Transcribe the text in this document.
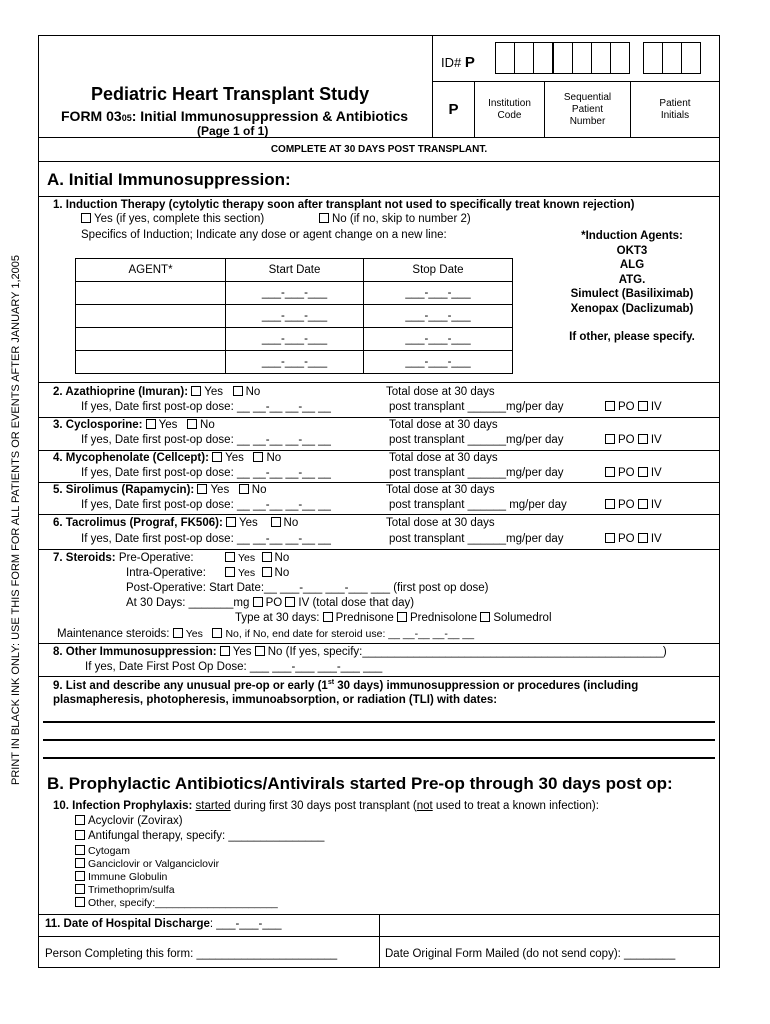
PRINT IN BLACK INK ONLY: USE THIS FORM FOR ALL PATIENTS OR EVENTS AFTER JANUARY 1,2005
Pediatric Heart Transplant Study
FORM 0305: Initial Immunosuppression & Antibiotics
(Page 1 of 1)
ID# P
P	Institution Code
Sequential Patient Number
Patient Initials
COMPLETE AT 30 DAYS POST TRANSPLANT.
A. Initial Immunosuppression:
1. Induction Therapy (cytolytic therapy soon after transplant not used to specifically treat known rejection)
Yes (if yes, complete this section)	No (if no, skip to number 2)
Specifics of Induction; Indicate any dose or agent change on a new line:
AGENT*	Start Date	Stop Date
	___-___-___	___-___-___
	___-___-___	___-___-___
	___-___-___	___-___-___
	___-___-___	___-___-___
*Induction Agents:
OKT3
ALG
ATG.
Simulect (Basiliximab)
Xenopax (Daclizumab)
If other, please specify.
2. Azathioprine (Imuran): Yes No
If yes, Date first post-op dose: __ __-__ __-__ __
Total dose at 30 days
post transplant ______mg/per day	PO IV
3. Cyclosporine: Yes No
If yes, Date first post-op dose: __ __-__ __-__ __
Total dose at 30 days
post transplant ______mg/per day	PO IV
4. Mycophenolate (Cellcept): Yes No
If yes, Date first post-op dose: __ __-__ __-__ __
Total dose at 30 days
post transplant ______mg/per day	PO IV
5. Sirolimus (Rapamycin): Yes No
If yes, Date first post-op dose: __ __-__ __-__ __
Total dose at 30 days
post transplant ______ mg/per day	PO IV
6. Tacrolimus (Prograf, FK506): Yes No
If yes, Date first post-op dose: __ __-__ __-__ __
Total dose at 30 days
post transplant ______mg/per day	PO IV
7. Steroids: Pre-Operative:	Yes No
Intra-Operative:	Yes No
Post-Operative: Start Date:__ ___-___ ___-___ ___ (first post op dose)
At 30 Days: _______mg PO IV (total dose that day)
Type at 30 days: Prednisone Prednisolone Solumedrol
Maintenance steroids: Yes No, if No, end date for steroid use: __ __-__ __-__ __
8. Other Immunosuppression: Yes No (If yes, specify:_______________________________________________)
If yes, Date First Post Op Dose: ___ ___-___ ___-___ ___
9. List and describe any unusual pre-op or early (1st 30 days) immunosuppression or procedures (including
plasmapheresis, photopheresis, immunoabsorption, or radiation (TLI) with dates:
B. Prophylactic Antibiotics/Antivirals started Pre-op through 30 days post op:
10. Infection Prophylaxis: started during first 30 days post transplant (not used to treat a known infection):
Acyclovir (Zovirax)
Antifungal therapy, specify: _______________
Cytogam
Ganciclovir or Valganciclovir
Immune Globulin
Trimethoprim/sulfa
Other, specify:_____________________
11. Date of Hospital Discharge: ___-___-___
Person Completing this form: ______________________	Date Original Form Mailed (do not send copy): ________
